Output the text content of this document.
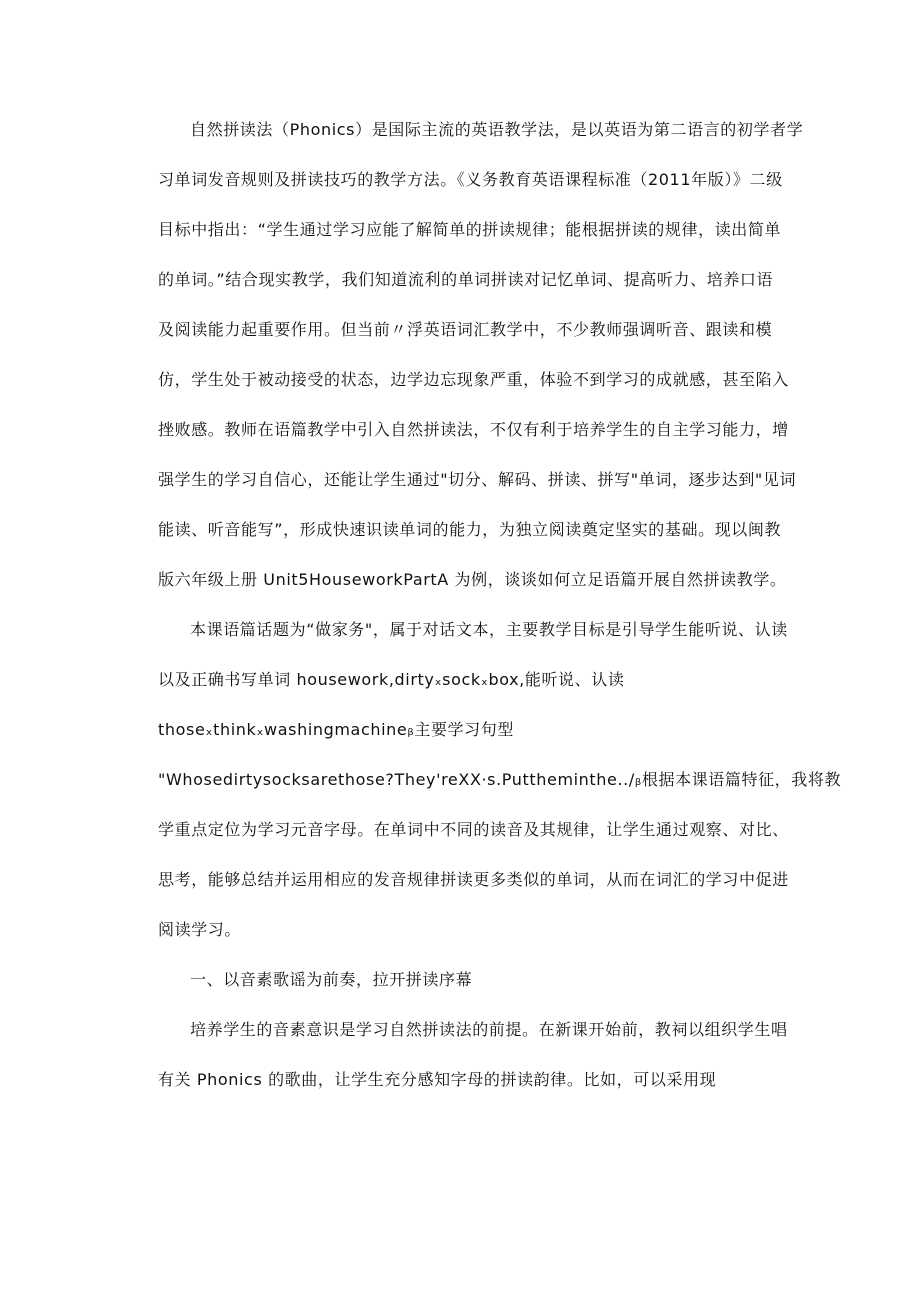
自然拼读法（Phonics）是国际主流的英语教学法，是以英语为第二语言的初学者学
习单词发音规则及拼读技巧的教学方法。《义务教育英语课程标准（2011年版）》二级
目标中指出：“学生通过学习应能了解简单的拼读规律；能根据拼读的规律，读出简单
的单词。”结合现实教学，我们知道流利的单词拼读对记忆单词、提高听力、培养口语
及阅读能力起重要作用。但当前〃浮英语词汇教学中，不少教师强调听音、跟读和模
仿，学生处于被动接受的状态，边学边忘现象严重，体验不到学习的成就感，甚至陷入
挫败感。教师在语篇教学中引入自然拼读法，不仅有利于培养学生的自主学习能力，增
强学生的学习自信心，还能让学生通过"切分、解码、拼读、拼写"单词，逐步达到"见词
能读、听音能写”，形成快速识读单词的能力，为独立阅读奠定坚实的基础。现以闽教
版六年级上册 Unit5HouseworkPartA 为例，谈谈如何立足语篇开展自然拼读教学。
本课语篇话题为“做家务"，属于对话文本，主要教学目标是引导学生能听说、认读
以及正确书写单词 housework,dirtyₓsockₓbox,能听说、认读
thoseₓthinkₓwashingmachineᵦ主要学习句型
"Whosedirtysocksarethose?They'reXX·s.Puttheminthe../ᵦ根据本课语篇特征，我将教
学重点定位为学习元音字母。在单词中不同的读音及其规律，让学生通过观察、对比、
思考，能够总结并运用相应的发音规律拼读更多类似的单词，从而在词汇的学习中促进
阅读学习。
一、以音素歌谣为前奏，拉开拼读序幕
培养学生的音素意识是学习自然拼读法的前提。在新课开始前，教祠以组织学生唱
有关 Phonics 的歌曲，让学生充分感知字母的拼读韵律。比如，可以采用现
